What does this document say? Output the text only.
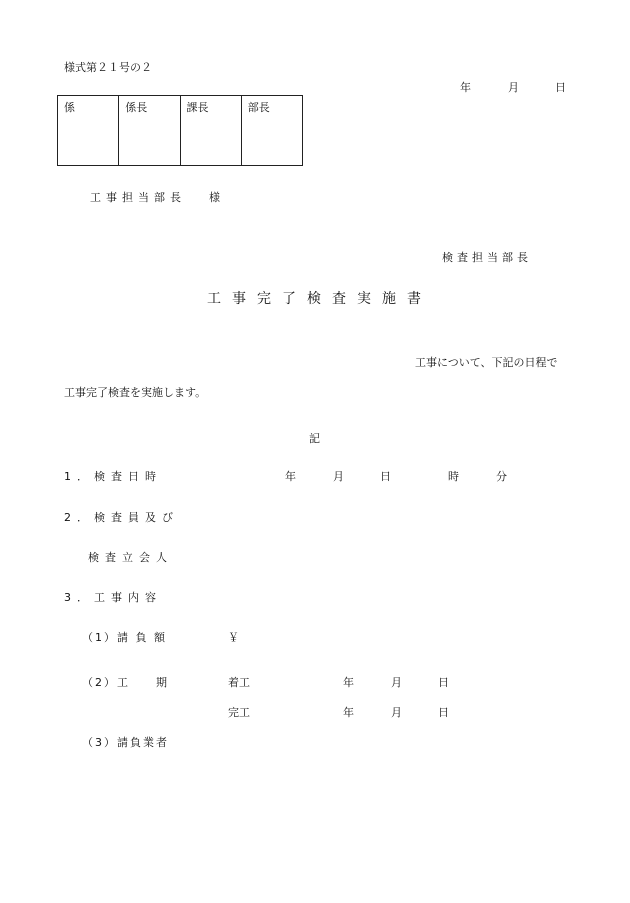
様式第２１号の２
年	月	日
係	係長	課長	部長
工事担当部長 様
検査担当部長
工事完了検査実施書
工事について、下記の日程で
工事完了検査を実施します。
記
1．検査日時	年	月	日	時	分
2．検査員及び
検査立会人
3．工事内容
（1）請 負 額	￥
（2）工　　期	着工	年	月	日
完工	年	月	日
（3）請負業者
